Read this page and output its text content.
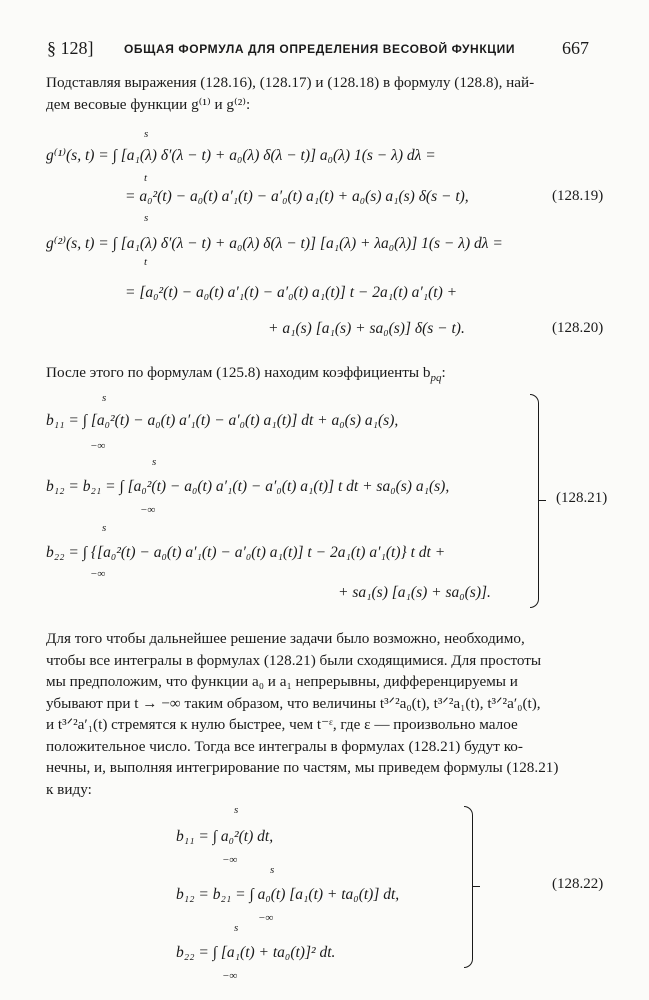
§ 128]	ОБЩАЯ ФОРМУЛА ДЛЯ ОПРЕДЕЛЕНИЯ ВЕСОВОЙ ФУНКЦИИ	667
Подставляя выражения (128.16), (128.17) и (128.18) в формулу (128.8), най-
дем весовые функции g⁽¹⁾ и g⁽²⁾:
s
t
g⁽¹⁾(s, t) = ∫ [a₁(λ) δ′(λ − t) + a₀(λ) δ(λ − t)] a₀(λ) 1(s − λ) dλ =
= a₀²(t) − a₀(t) a′₁(t) − a′₀(t) a₁(t) + a₀(s) a₁(s) δ(s − t),	(128.19)
s
t
g⁽²⁾(s, t) = ∫ [a₁(λ) δ′(λ − t) + a₀(λ) δ(λ − t)] [a₁(λ) + λa₀(λ)] 1(s − λ) dλ =
= [a₀²(t) − a₀(t) a′₁(t) − a′₀(t) a₁(t)] t − 2a₁(t) a′₁(t) +
+ a₁(s) [a₁(s) + sa₀(s)] δ(s − t).	(128.20)
После этого по формулам (125.8) находим коэффициенты $b_{pq}$:
s
−∞
b₁₁ = ∫ [a₀²(t) − a₀(t) a′₁(t) − a′₀(t) a₁(t)] dt + a₀(s) a₁(s),
s
−∞
b₁₂ = b₂₁ = ∫ [a₀²(t) − a₀(t) a′₁(t) − a′₀(t) a₁(t)] t dt + sa₀(s) a₁(s),
s
−∞
b₂₂ = ∫ {[a₀²(t) − a₀(t) a′₁(t) − a′₀(t) a₁(t)] t − 2a₁(t) a′₁(t)} t dt +
+ sa₁(s) [a₁(s) + sa₀(s)].
(128.21)
Для того чтобы дальнейшее решение задачи было возможно, необходимо,
чтобы все интегралы в формулах (128.21) были сходящимися. Для простоты
мы предположим, что функции a₀ и a₁ непрерывны, дифференцируемы и
убывают при t → −∞ таким образом, что величины t³ᐟ²a₀(t), t³ᐟ²a₁(t), t³ᐟ²a′₀(t),
и t³ᐟ²a′₁(t) стремятся к нулю быстрее, чем t⁻ᵋ, где ε — произвольно малое
положительное число. Тогда все интегралы в формулах (128.21) будут ко-
нечны, и, выполняя интегрирование по частям, мы приведем формулы (128.21)
к виду:
s
−∞
b₁₁ = ∫ a₀²(t) dt,
s
−∞
b₁₂ = b₂₁ = ∫ a₀(t) [a₁(t) + ta₀(t)] dt,
s
−∞
b₂₂ = ∫ [a₁(t) + ta₀(t)]² dt.
(128.22)
